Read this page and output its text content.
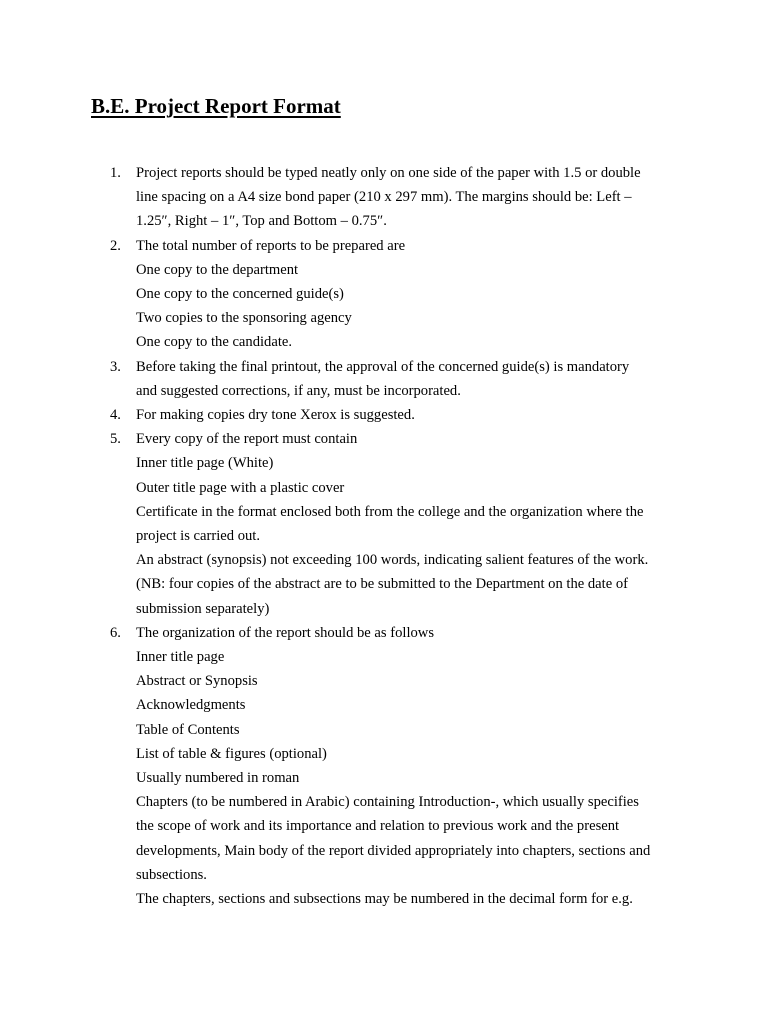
B.E. Project Report Format
1.	Project reports should be typed neatly only on one side of the paper with 1.5 or double
line spacing on a A4 size bond paper (210 x 297 mm). The margins should be: Left –
1.25″, Right – 1″, Top and Bottom – 0.75″.
2.	The total number of reports to be prepared are
One copy to the department
One copy to the concerned guide(s)
Two copies to the sponsoring agency
One copy to the candidate.
3.	Before taking the final printout, the approval of the concerned guide(s) is mandatory
and suggested corrections, if any, must be incorporated.
4.	For making copies dry tone Xerox is suggested.
5.	Every copy of the report must contain
Inner title page (White)
Outer title page with a plastic cover
Certificate in the format enclosed both from the college and the organization where the
project is carried out.
An abstract (synopsis) not exceeding 100 words, indicating salient features of the work.
(NB: four copies of the abstract are to be submitted to the Department on the date of
submission separately)
6.	The organization of the report should be as follows
Inner title page
Abstract or Synopsis
Acknowledgments
Table of Contents
List of table & figures (optional)
Usually numbered in roman
Chapters (to be numbered in Arabic) containing Introduction-, which usually specifies
the scope of work and its importance and relation to previous work and the present
developments, Main body of the report divided appropriately into chapters, sections and
subsections.
The chapters, sections and subsections may be numbered in the decimal form for e.g.
